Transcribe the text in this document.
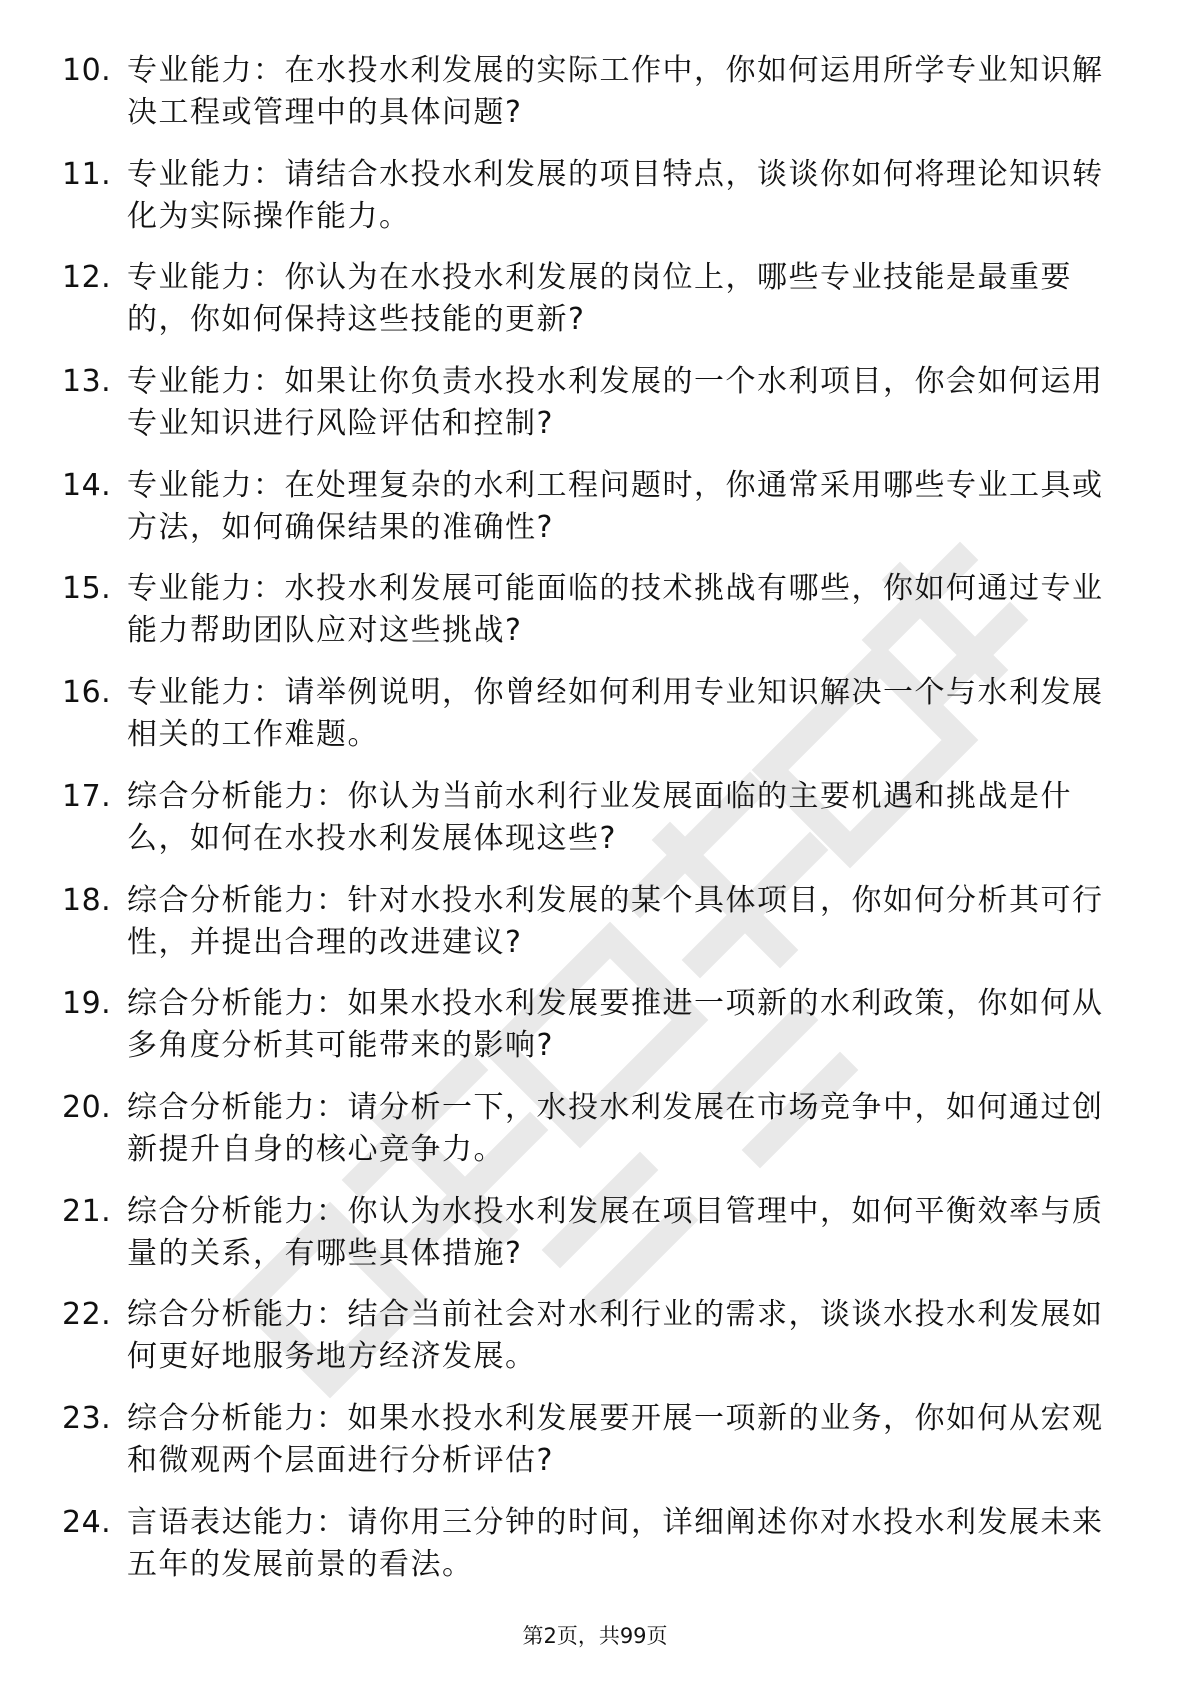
10. 专业能力：在水投水利发展的实际工作中，你如何运用所学专业知识解决工程或管理中的具体问题?
11. 专业能力：请结合水投水利发展的项目特点，谈谈你如何将理论知识转化为实际操作能力。
12. 专业能力：你认为在水投水利发展的岗位上，哪些专业技能是最重要的，你如何保持这些技能的更新?
13. 专业能力：如果让你负责水投水利发展的一个水利项目，你会如何运用专业知识进行风险评估和控制?
14. 专业能力：在处理复杂的水利工程问题时，你通常采用哪些专业工具或方法，如何确保结果的准确性?
15. 专业能力：水投水利发展可能面临的技术挑战有哪些，你如何通过专业能力帮助团队应对这些挑战?
16. 专业能力：请举例说明，你曾经如何利用专业知识解决一个与水利发展相关的工作难题。
17. 综合分析能力：你认为当前水利行业发展面临的主要机遇和挑战是什么，如何在水投水利发展体现这些?
18. 综合分析能力：针对水投水利发展的某个具体项目，你如何分析其可行性，并提出合理的改进建议?
19. 综合分析能力：如果水投水利发展要推进一项新的水利政策，你如何从多角度分析其可能带来的影响?
20. 综合分析能力：请分析一下，水投水利发展在市场竞争中，如何通过创新提升自身的核心竞争力。
21. 综合分析能力：你认为水投水利发展在项目管理中，如何平衡效率与质量的关系，有哪些具体措施?
22. 综合分析能力：结合当前社会对水利行业的需求，谈谈水投水利发展如何更好地服务地方经济发展。
23. 综合分析能力：如果水投水利发展要开展一项新的业务，你如何从宏观和微观两个层面进行分析评估?
24. 言语表达能力：请你用三分钟的时间，详细阐述你对水投水利发展未来五年的发展前景的看法。
第2页，共99页
